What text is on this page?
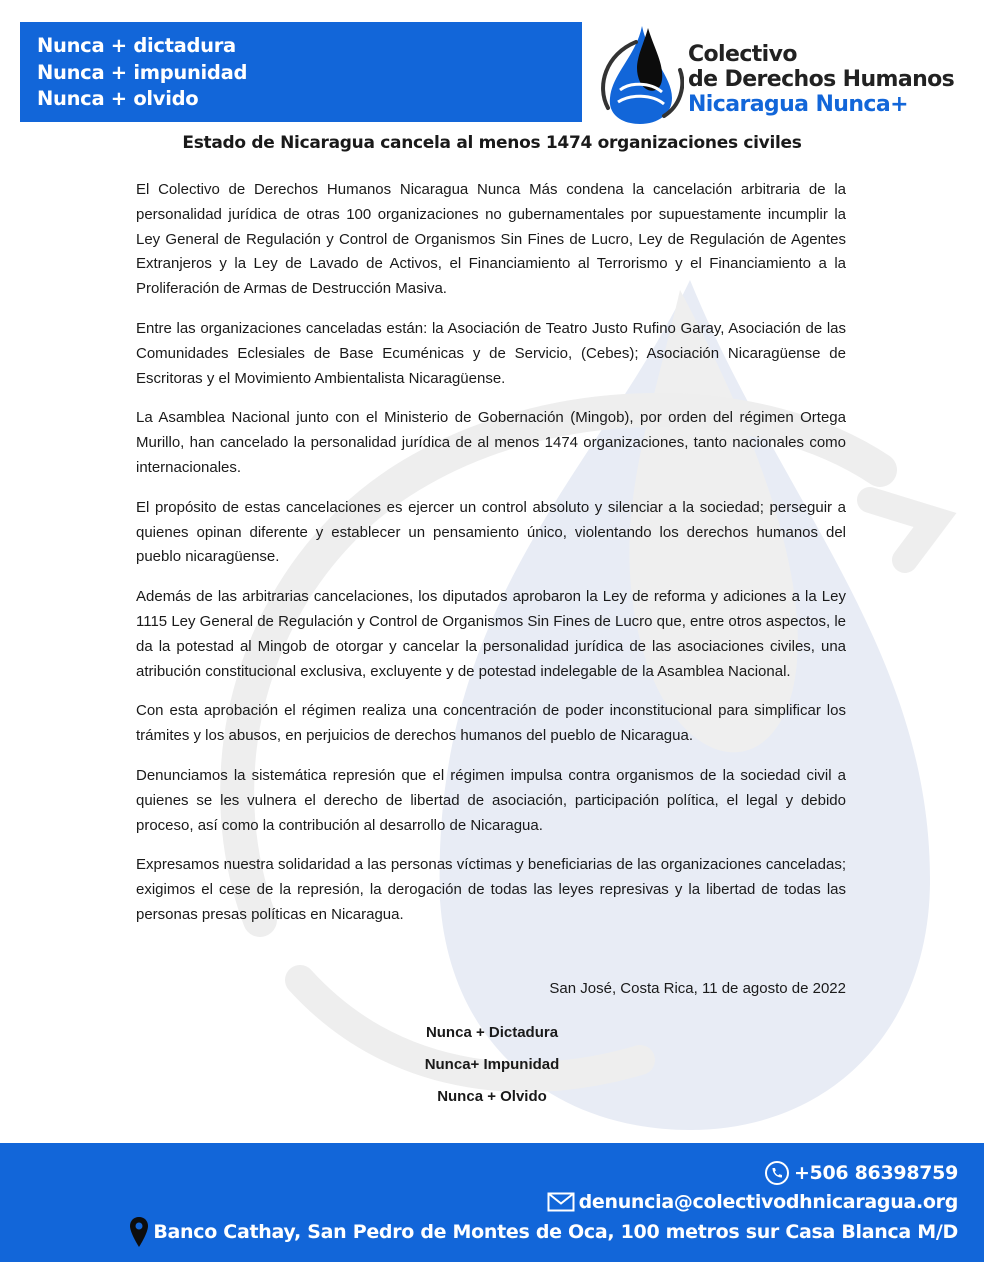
Nunca + dictadura
Nunca + impunidad
Nunca + olvido
Colectivo
de Derechos Humanos
Nicaragua Nunca+
Estado de Nicaragua cancela al menos 1474 organizaciones civiles

El Colectivo de Derechos Humanos Nicaragua Nunca Más condena la cancelación arbitraria de la personalidad jurídica de otras 100 organizaciones no gubernamentales por supuestamente incumplir la Ley General de Regulación y Control de Organismos Sin Fines de Lucro, Ley de Regulación de Agentes Extranjeros y la Ley de Lavado de Activos, el Financiamiento al Terrorismo y el Financiamiento a la Proliferación de Armas de Destrucción Masiva.

Entre las organizaciones canceladas están: la Asociación de Teatro Justo Rufino Garay, Asociación de las Comunidades Eclesiales de Base Ecuménicas y de Servicio, (Cebes); Asociación Nicaragüense de Escritoras y el Movimiento Ambientalista Nicaragüense.

La Asamblea Nacional junto con el Ministerio de Gobernación (Mingob), por orden del régimen Ortega Murillo, han cancelado la personalidad jurídica de al menos 1474 organizaciones, tanto nacionales como internacionales.

El propósito de estas cancelaciones es ejercer un control absoluto y silenciar a la sociedad; perseguir a quienes opinan diferente y establecer un pensamiento único, violentando los derechos humanos del pueblo nicaragüense.

Además de las arbitrarias cancelaciones, los diputados aprobaron la Ley de reforma y adiciones a la Ley 1115 Ley General de Regulación y Control de Organismos Sin Fines de Lucro que, entre otros aspectos, le da la potestad al Mingob de otorgar y cancelar la personalidad jurídica de las asociaciones civiles, una atribución constitucional exclusiva, excluyente y de potestad indelegable de la Asamblea Nacional.

Con esta aprobación el régimen realiza una concentración de poder inconstitucional para simplificar los trámites y los abusos, en perjuicios de derechos humanos del pueblo de Nicaragua.

Denunciamos la sistemática represión que el régimen impulsa contra organismos de la sociedad civil a quienes se les vulnera el derecho de libertad de asociación, participación política, el legal y debido proceso, así como la contribución al desarrollo de Nicaragua.

Expresamos nuestra solidaridad a las personas víctimas y beneficiarias de las organizaciones canceladas; exigimos el cese de la represión, la derogación de todas las leyes represivas y la libertad de todas las personas presas políticas en Nicaragua.

San José, Costa Rica, 11 de agosto de 2022
Nunca + Dictadura
Nunca+ Impunidad
Nunca + Olvido
+506 86398759
denuncia@colectivodhnicaragua.org
Banco Cathay, San Pedro de Montes de Oca, 100 metros sur Casa Blanca M/D
